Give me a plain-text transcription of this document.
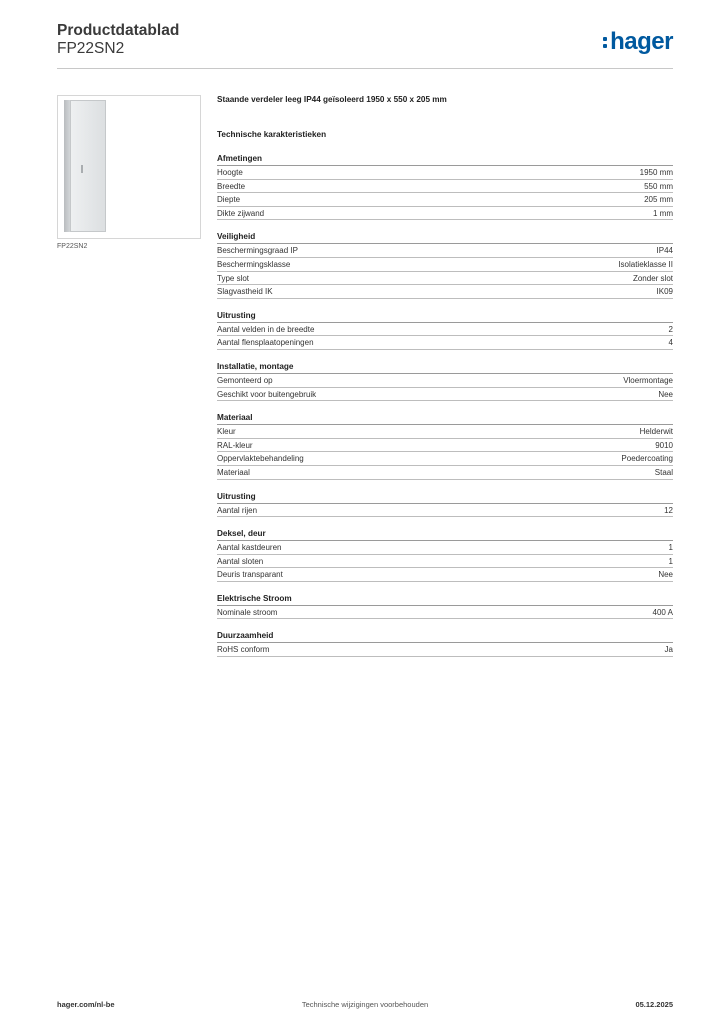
Productdatablad
FP22SN2	hager
FP22SN2
Staande verdeler leeg IP44 geïsoleerd 1950 x 550 x 205 mm
Technische karakteristieken
Afmetingen
Hoogte	1950 mm
Breedte	550 mm
Diepte	205 mm
Dikte zijwand	1 mm
Veiligheid
Beschermingsgraad IP	IP44
Beschermingsklasse	Isolatieklasse II
Type slot	Zonder slot
Slagvastheid IK	IK09
Uitrusting
Aantal velden in de breedte	2
Aantal flensplaatopeningen	4
Installatie, montage
Gemonteerd op	Vloermontage
Geschikt voor buitengebruik	Nee
Materiaal
Kleur	Helderwit
RAL-kleur	9010
Oppervlaktebehandeling	Poedercoating
Materiaal	Staal
Uitrusting
Aantal rijen	12
Deksel, deur
Aantal kastdeuren	1
Aantal sloten	1
Deuris transparant	Nee
Elektrische Stroom
Nominale stroom	400 A
Duurzaamheid
RoHS conform	Ja
hager.com/nl-be	Technische wijzigingen voorbehouden	05.12.2025
